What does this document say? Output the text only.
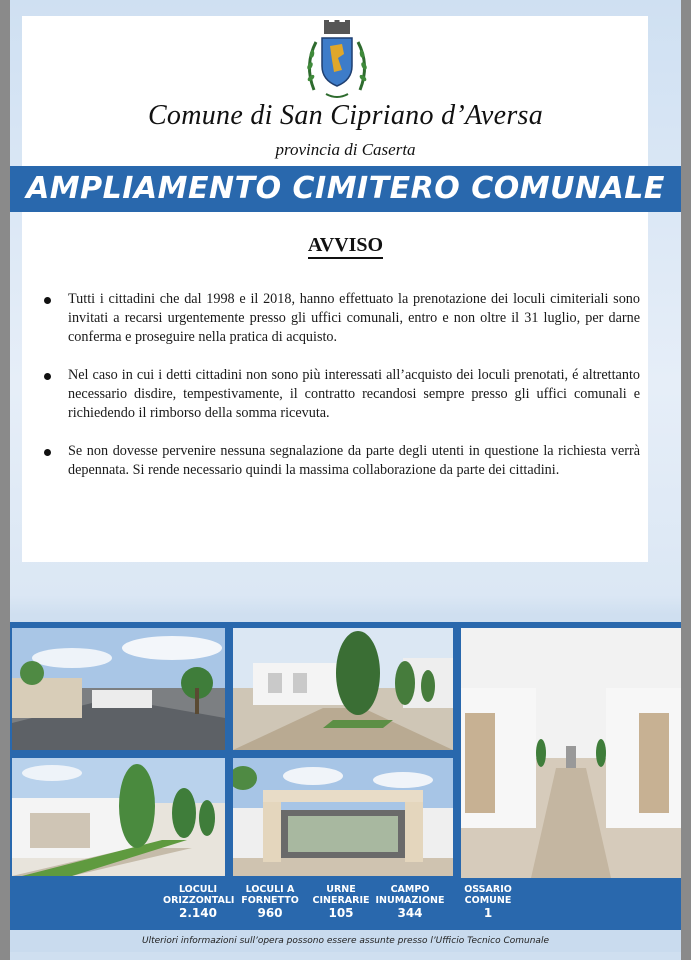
Comune di San Cipriano d’Aversa
provincia di Caserta
AMPLIAMENTO CIMITERO COMUNALE
AVVISO
Tutti i cittadini che dal 1998 e il 2018, hanno effettuato la prenotazione dei loculi cimiteriali sono invitati a recarsi urgentemente presso gli uffici comunali, entro e non oltre il 31 luglio, per darne conferma e proseguire nella pratica di acquisto.
Nel caso in cui i detti cittadini non sono più interessati all’acquisto dei loculi prenotati, é altrettanto necessario disdire, tempestivamente, il contratto recandosi sempre presso gli uffici comunali e richiedendo il rimborso della somma ricevuta.
Se non dovesse pervenire nessuna segnalazione da parte degli utenti in questione la richiesta verrà depennata. Si rende necessario quindi la massima collaborazione da parte dei cittadini.
LOCULI ORIZZONTALI
2.140
LOCULI A FORNETTO
960
URNE CINERARIE
105
CAMPO INUMAZIONE
344
OSSARIO COMUNE
1
Ulteriori informazioni sull’opera possono essere assunte presso l’Ufficio Tecnico Comunale
